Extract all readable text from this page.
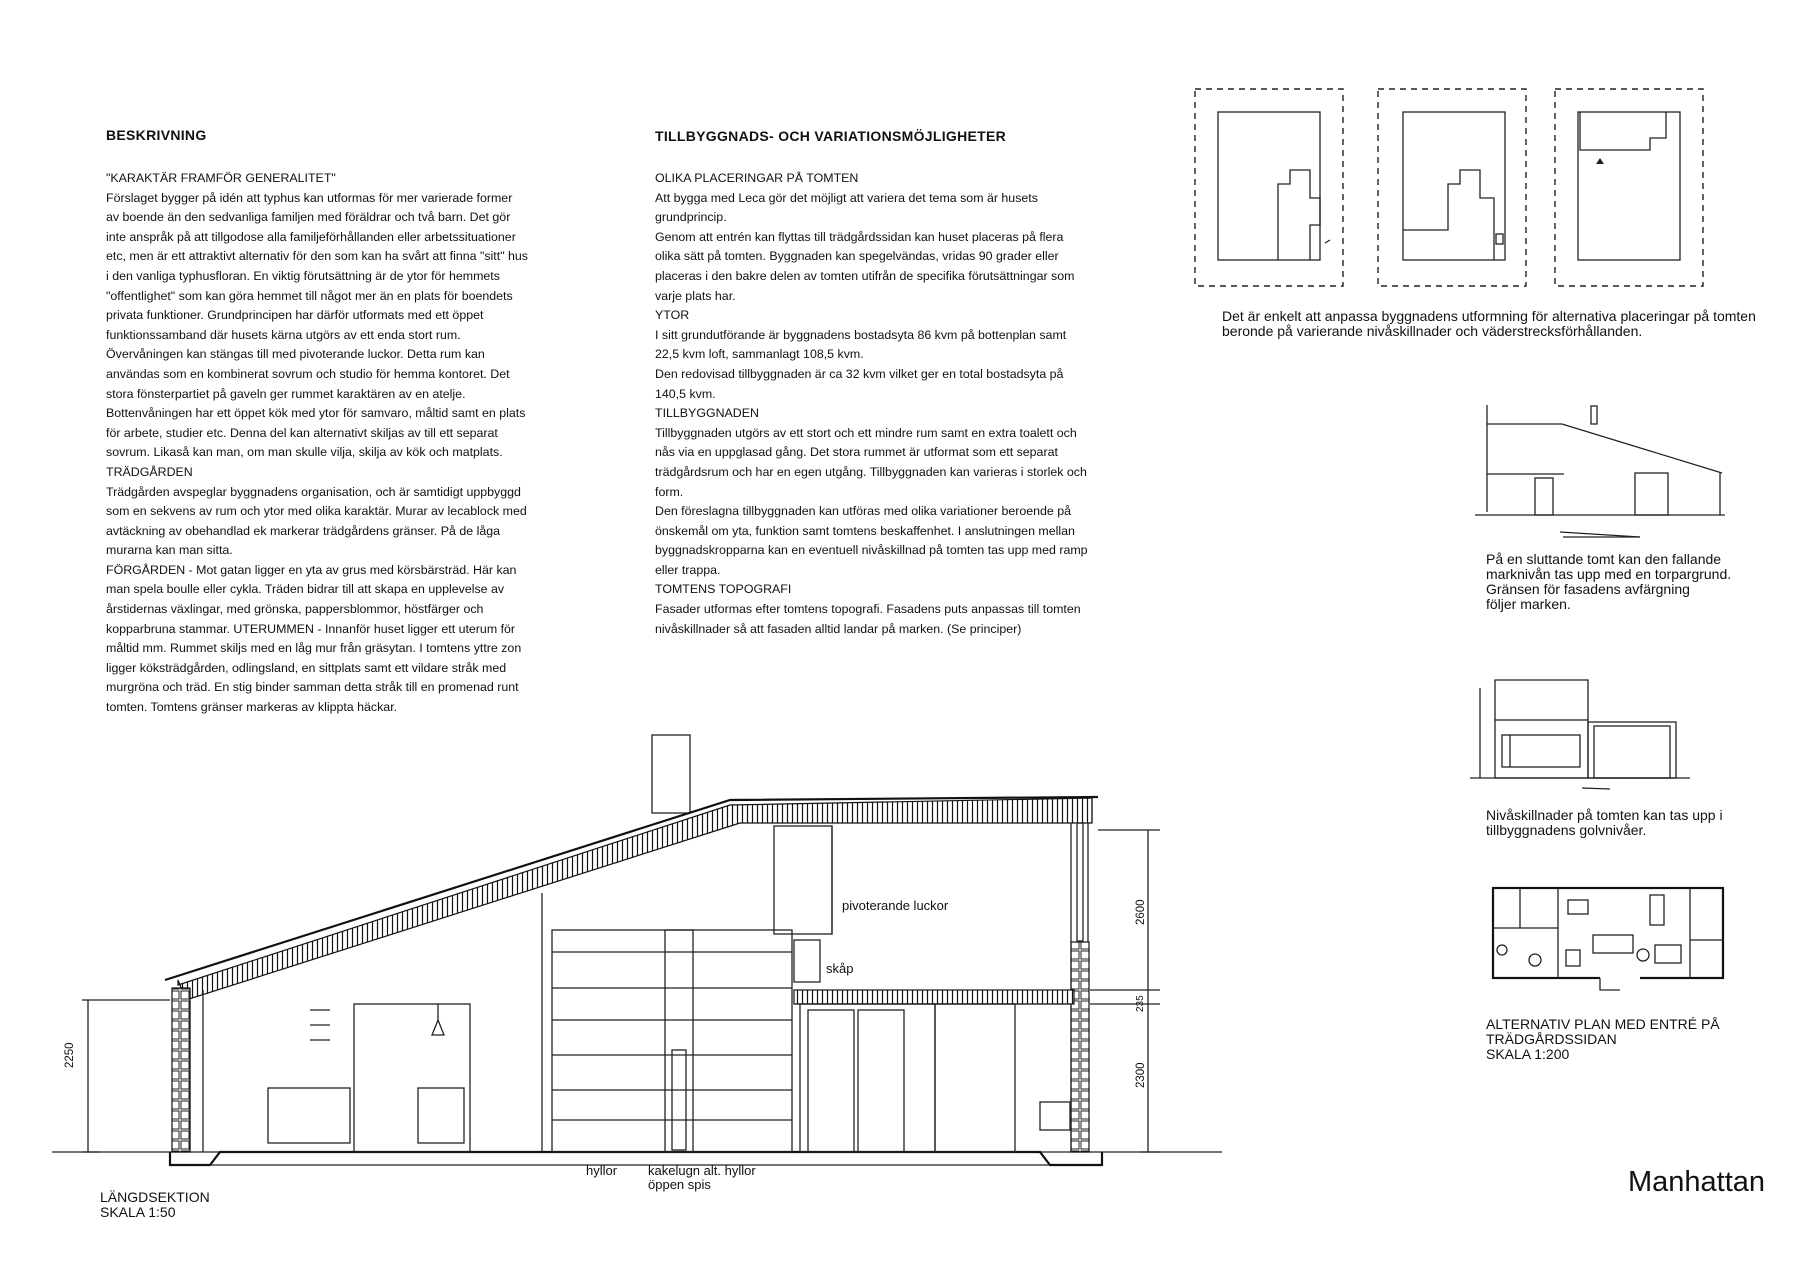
BESKRIVNING

"KARAKTÄR FRAMFÖR GENERALITET"

Förslaget bygger på idén att typhus kan utformas för mer varierade former

av boende än den sedvanliga familjen med föräldrar och två barn. Det gör

inte anspråk på att tillgodose alla familjeförhållanden eller arbetssituationer

etc, men är ett attraktivt alternativ för den som kan ha svårt att finna "sitt" hus

i den vanliga typhusfloran. En viktig förutsättning är de ytor för hemmets

"offentlighet" som kan göra hemmet till något mer än en plats för boendets

privata funktioner. Grundprincipen har därför utformats med ett öppet

funktionssamband där husets kärna utgörs av ett enda stort rum.

Övervåningen kan stängas till med pivoterande luckor. Detta rum kan

användas som en kombinerat sovrum och studio för hemma kontoret. Det

stora fönsterpartiet på gaveln ger rummet karaktären av en atelje.

Bottenvåningen har ett öppet kök med ytor för samvaro, måltid samt en plats

för arbete, studier etc. Denna del kan alternativt skiljas av till ett separat

sovrum. Likaså kan man, om man skulle vilja, skilja av kök och matplats.

TRÄDGÅRDEN

Trädgården avspeglar byggnadens organisation, och är samtidigt uppbyggd

som en sekvens av rum och ytor med olika karaktär. Murar av lecablock med

avtäckning av obehandlad ek markerar trädgårdens gränser. På de låga

murarna kan man sitta.

FÖRGÅRDEN - Mot gatan ligger en yta av grus med körsbärsträd. Här kan

man spela boulle eller cykla. Träden bidrar till att skapa en upplevelse av

årstidernas växlingar, med grönska, pappersblommor, höstfärger och

kopparbruna stammar. UTERUMMEN - Innanför huset ligger ett uterum för

måltid mm. Rummet skiljs med en låg mur från gräsytan. I tomtens yttre zon

ligger köksträdgården, odlingsland, en sittplats samt ett vildare stråk med

murgröna och träd. En stig binder samman detta stråk till en promenad runt

tomten. Tomtens gränser markeras av klippta häckar.

TILLBYGGNADS- OCH VARIATIONSMÖJLIGHETER

OLIKA PLACERINGAR PÅ TOMTEN

Att bygga med Leca gör det möjligt att variera det tema som är husets

grundprincip.

Genom att entrén kan flyttas till trädgårdssidan kan huset placeras på flera

olika sätt på tomten. Byggnaden kan spegelvändas, vridas 90 grader eller

placeras i den bakre delen av tomten utifrån de specifika förutsättningar som

varje plats har.

YTOR

I sitt grundutförande är byggnadens bostadsyta 86 kvm på bottenplan samt

22,5 kvm loft, sammanlagt 108,5 kvm.

Den redovisad tillbyggnaden är ca 32 kvm vilket ger en total bostadsyta på

140,5 kvm.

TILLBYGGNADEN

Tillbyggnaden utgörs av ett stort och ett mindre rum samt en extra toalett och

nås via en uppglasad gång. Det stora rummet är utformat som ett separat

trädgårdsrum och har en egen utgång. Tillbyggnaden kan varieras i storlek och

form.

Den föreslagna tillbyggnaden kan utföras med olika variationer beroende på

önskemål om yta, funktion samt tomtens beskaffenhet. I anslutningen mellan

byggnadskropparna kan en eventuell nivåskillnad på tomten tas upp med ramp

eller trappa.

TOMTENS TOPOGRAFI

Fasader utformas efter tomtens topografi. Fasadens puts anpassas till tomten

nivåskillnader så att fasaden alltid landar på marken. (Se principer)

Det är enkelt att anpassa byggnadens utformning för alternativa placeringar på tomten

beronde på varierande nivåskillnader och väderstrecksförhållanden.

På en sluttande tomt kan den fallande

marknivån tas upp med en torpargrund.

Gränsen för fasadens avfärgning

följer marken.

Nivåskillnader på tomten kan tas upp i

tillbyggnadens golvnivåer.

ALTERNATIV PLAN MED ENTRÉ PÅ

TRÄDGÅRDSSIDAN

SKALA 1:200

pivoterande luckor
skåp
hyllor kakelugn alt. hyllor
öppen spis
2250
2600
235
2300

LÄNGDSEKTION

SKALA 1:50

Manhattan
